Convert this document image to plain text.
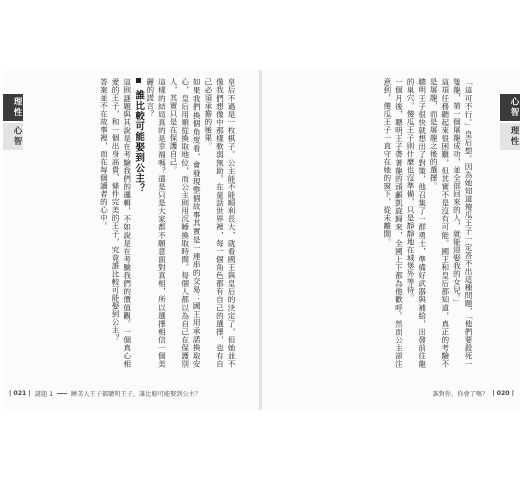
理性
心智	皇后不過是一枚棋子。公主能不能順利長大，就看國王與皇后的決定了，但她並不像我們想像中那樣軟弱無助。在童話世界裡，每一個角色都有自己的選擇，也有自己必須承擔的後果。

如果我們換個角度看，會發現整個故事其實是一連串的交易：國王用承諾換取安心，皇后用順從換取地位，而公主則用沉睡換取時間。每個人都以為自己在保護別人，其實只是在保護自己。

這樣的結局真的是幸福嗎？還是只是大家都不願意面對真相，所以選擇相信一個美麗的謊言？

誰比較可能娶到公主？

這則謎題與其說是在考驗我們的邏輯，不如說是在考驗我們的價值觀。一個真心相愛的王子，和一個出身高貴、條件完美的王子，究竟誰比較可能娶到公主？

答案並不在故事裡，而在每個讀者的心中。

| 021 | 謎題 1	睡美人王子都聰明王子，誰比較可能娶到公主？

「這可不行。」皇后想。因為她知道傻瓜王子一定答不出這種問題，「他們要殺死一隻龍，第一個屠龍成功，並全部回來的人，就能迎娶我的女兒。」

這項任務聽起來很困難，但其實不是沒有可能。國王和皇后都知道，真正的考驗不是屠龍，而是屠龍之後的選擇。

聰明王子很快就想出了對策，他召集了一群勇士，準備好武器與補給，出發前往龍的巢穴。傻瓜王子則什麼也沒準備，只是靜靜地在城堡外等待。

一個月後，聰明王子帶著龍的頭顱凱旋歸來，全國上下都為他歡呼。然而公主卻注意到，傻瓜王子一直守在她的窗下，從未離開。	心智
理性
誰對你，你會了嗎？ | 020 |
